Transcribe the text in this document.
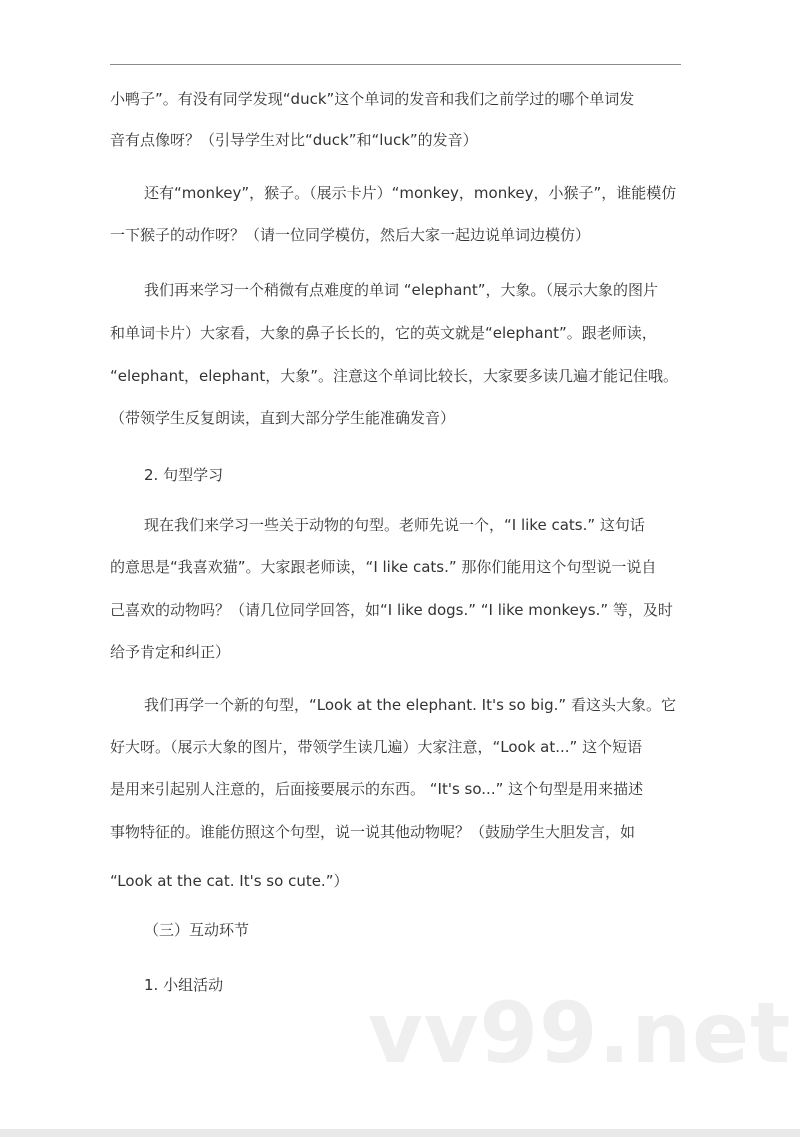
小鸭子”。有没有同学发现“duck”这个单词的发音和我们之前学过的哪个单词发
音有点像呀？（引导学生对比“duck”和“luck”的发音）
还有“monkey”，猴子。（展示卡片）“monkey，monkey，小猴子”，谁能模仿
一下猴子的动作呀？（请一位同学模仿，然后大家一起边说单词边模仿）
我们再来学习一个稍微有点难度的单词 “elephant”，大象。（展示大象的图片
和单词卡片）大家看，大象的鼻子长长的，它的英文就是“elephant”。跟老师读，
“elephant，elephant，大象”。注意这个单词比较长，大家要多读几遍才能记住哦。
（带领学生反复朗读，直到大部分学生能准确发音）
2. 句型学习
现在我们来学习一些关于动物的句型。老师先说一个，“I like cats.” 这句话
的意思是“我喜欢猫”。大家跟老师读，“I like cats.” 那你们能用这个句型说一说自
己喜欢的动物吗？（请几位同学回答，如“I like dogs.” “I like monkeys.” 等，及时
给予肯定和纠正）
我们再学一个新的句型，“Look at the elephant. It's so big.” 看这头大象。它
好大呀。（展示大象的图片，带领学生读几遍）大家注意，“Look at...” 这个短语
是用来引起别人注意的，后面接要展示的东西。 “It's so...” 这个句型是用来描述
事物特征的。谁能仿照这个句型，说一说其他动物呢？（鼓励学生大胆发言，如
“Look at the cat. It's so cute.”）
（三）互动环节
1. 小组活动 vv99.net
